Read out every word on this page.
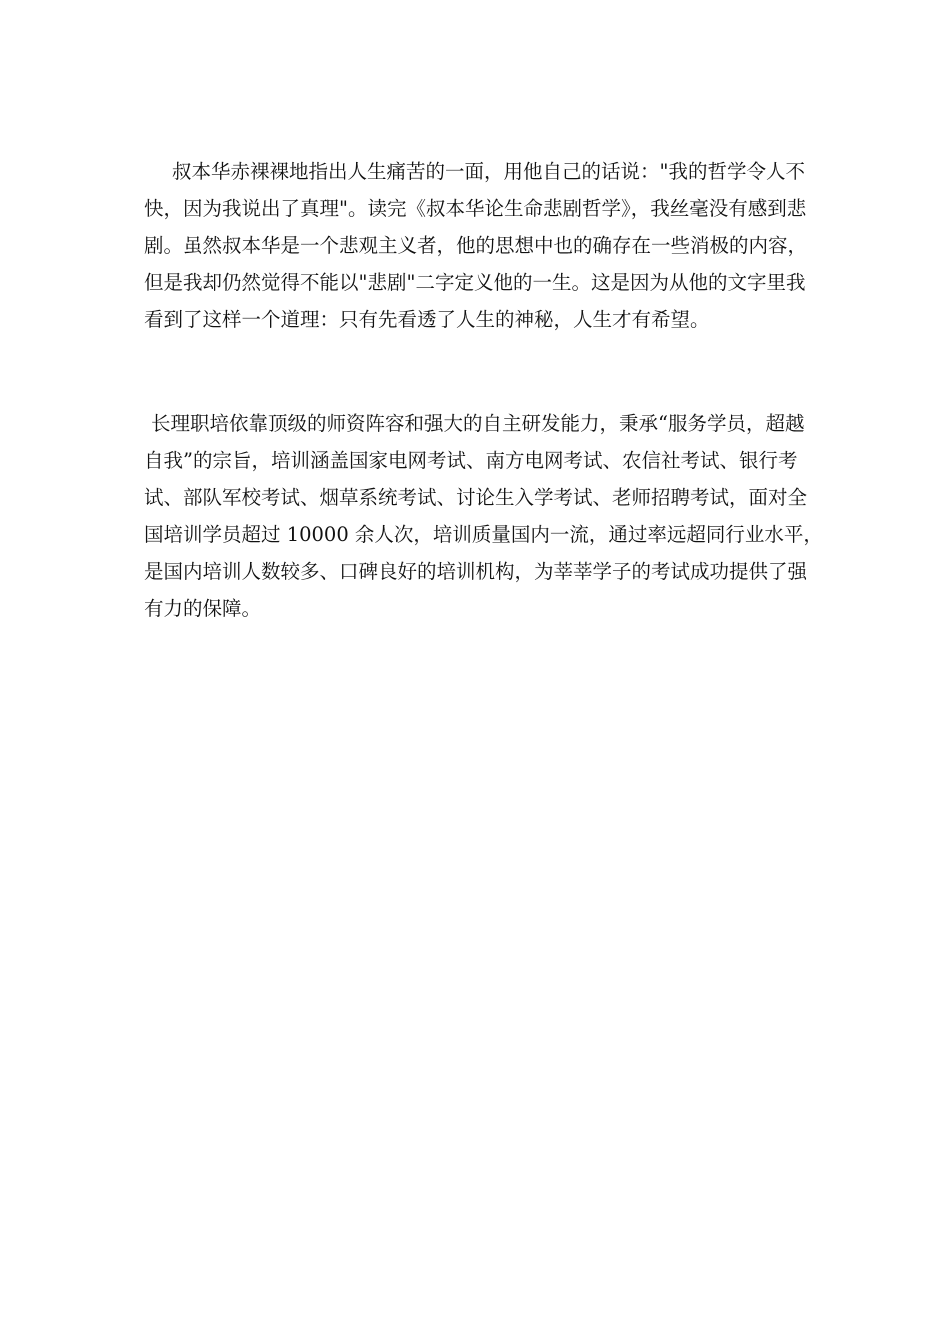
叔本华赤裸裸地指出人生痛苦的一面，用他自己的话说："我的哲学令人不
快，因为我说出了真理"。读完《叔本华论生命悲剧哲学》，我丝毫没有感到悲
剧。虽然叔本华是一个悲观主义者，他的思想中也的确存在一些消极的内容，
但是我却仍然觉得不能以"悲剧"二字定义他的一生。这是因为从他的文字里我
看到了这样一个道理：只有先看透了人生的神秘，人生才有希望。
长理职培依靠顶级的师资阵容和强大的自主研发能力，秉承“服务学员，超越
自我”的宗旨，培训涵盖国家电网考试、南方电网考试、农信社考试、银行考
试、部队军校考试、烟草系统考试、讨论生入学考试、老师招聘考试，面对全
国培训学员超过 10000 余人次，培训质量国内一流，通过率远超同行业水平，
是国内培训人数较多、口碑良好的培训机构，为莘莘学子的考试成功提供了强
有力的保障。
